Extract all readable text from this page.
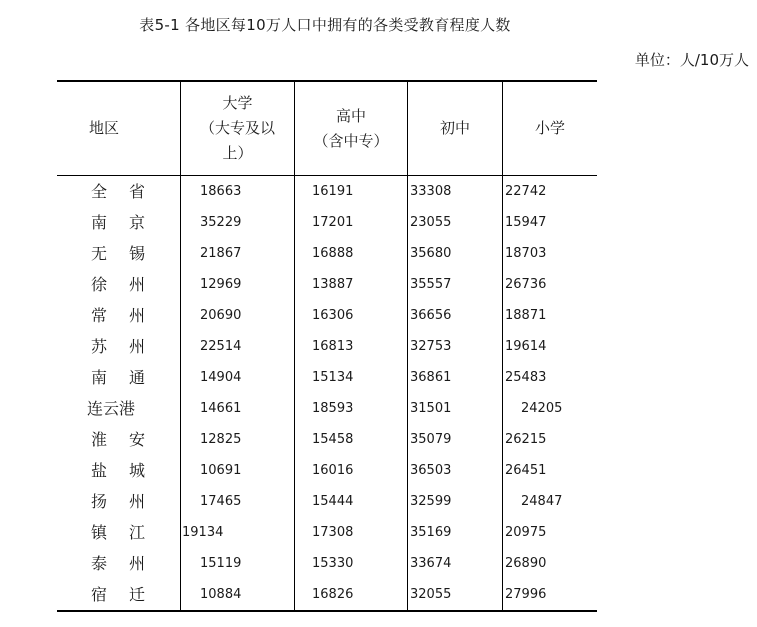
表5-1 各地区每10万人口中拥有的各类受教育程度人数
单位：人/10万人
地区
大学
（大专及以上）
高中
（含中专）
初中	小学
全省
南京
无锡
徐州
常州
苏州
南通
连云港
淮安
盐城
扬州
镇江
泰州
宿迁
18663
35229
21867
12969
20690
22514
14904
14661
12825
10691
17465
19134
15119
10884
16191
17201
16888
13887
16306
16813
15134
18593
15458
16016
15444
17308
15330
16826
33308
23055
35680
35557
36656
32753
36861
31501
35079
36503
32599
35169
33674
32055
22742
15947
18703
26736
18871
19614
25483
24205
26215
26451
24847
20975
26890
27996
